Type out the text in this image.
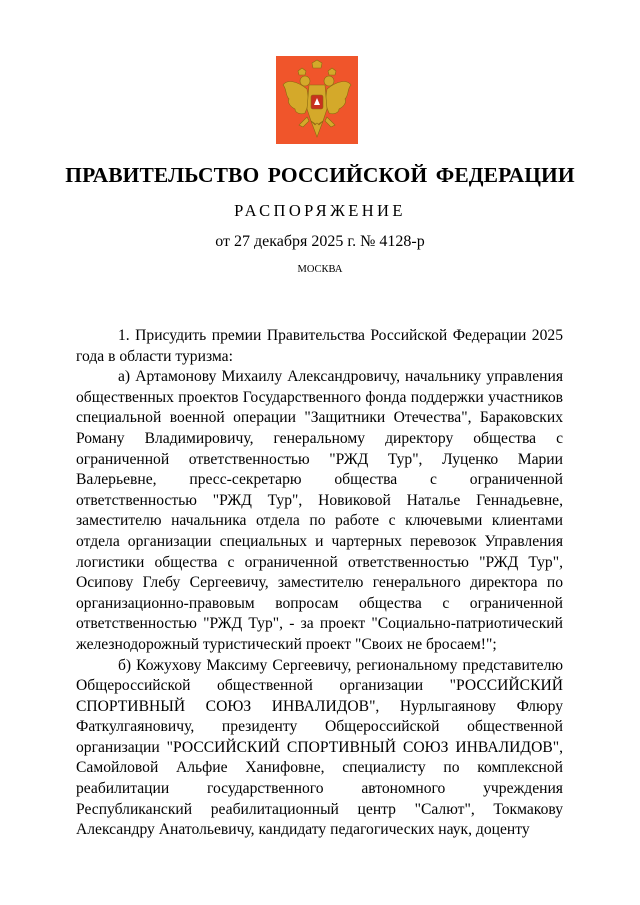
ПРАВИТЕЛЬСТВО РОССИЙСКОЙ ФЕДЕРАЦИИ
РАСПОРЯЖЕНИЕ
от 27 декабря 2025 г. № 4128-р
МОСКВА

1. Присудить премии Правительства Российской Федерации 2025 года в области туризма:

а) Артамонову Михаилу Александровичу, начальнику управления общественных проектов Государственного фонда поддержки участников специальной военной операции "Защитники Отечества", Бараковских Роману Владимировичу, генеральному директору общества с ограниченной ответственностью "РЖД Тур", Луценко Марии Валерьевне, пресс-секретарю общества с ограниченной ответственностью "РЖД Тур", Новиковой Наталье Геннадьевне, заместителю начальника отдела по работе с ключевыми клиентами отдела организации специальных и чартерных перевозок Управления логистики общества с ограниченной ответственностью "РЖД Тур", Осипову Глебу Сергеевичу, заместителю генерального директора по организационно-правовым вопросам общества с ограниченной ответственностью "РЖД Тур", - за проект "Социально-патриотический железнодорожный туристический проект "Своих не бросаем!";

б) Кожухову Максиму Сергеевичу, региональному представителю Общероссийской общественной организации "РОССИЙСКИЙ СПОРТИВНЫЙ СОЮЗ ИНВАЛИДОВ", Нурлыгаянову Флюру Фаткулгаяновичу, президенту Общероссийской общественной организации "РОССИЙСКИЙ СПОРТИВНЫЙ СОЮЗ ИНВАЛИДОВ", Самойловой Альфие Ханифовне, специалисту по комплексной реабилитации государственного автономного учреждения Республиканский реабилитационный центр "Салют", Токмакову Александру Анатольевичу, кандидату педагогических наук, доценту
